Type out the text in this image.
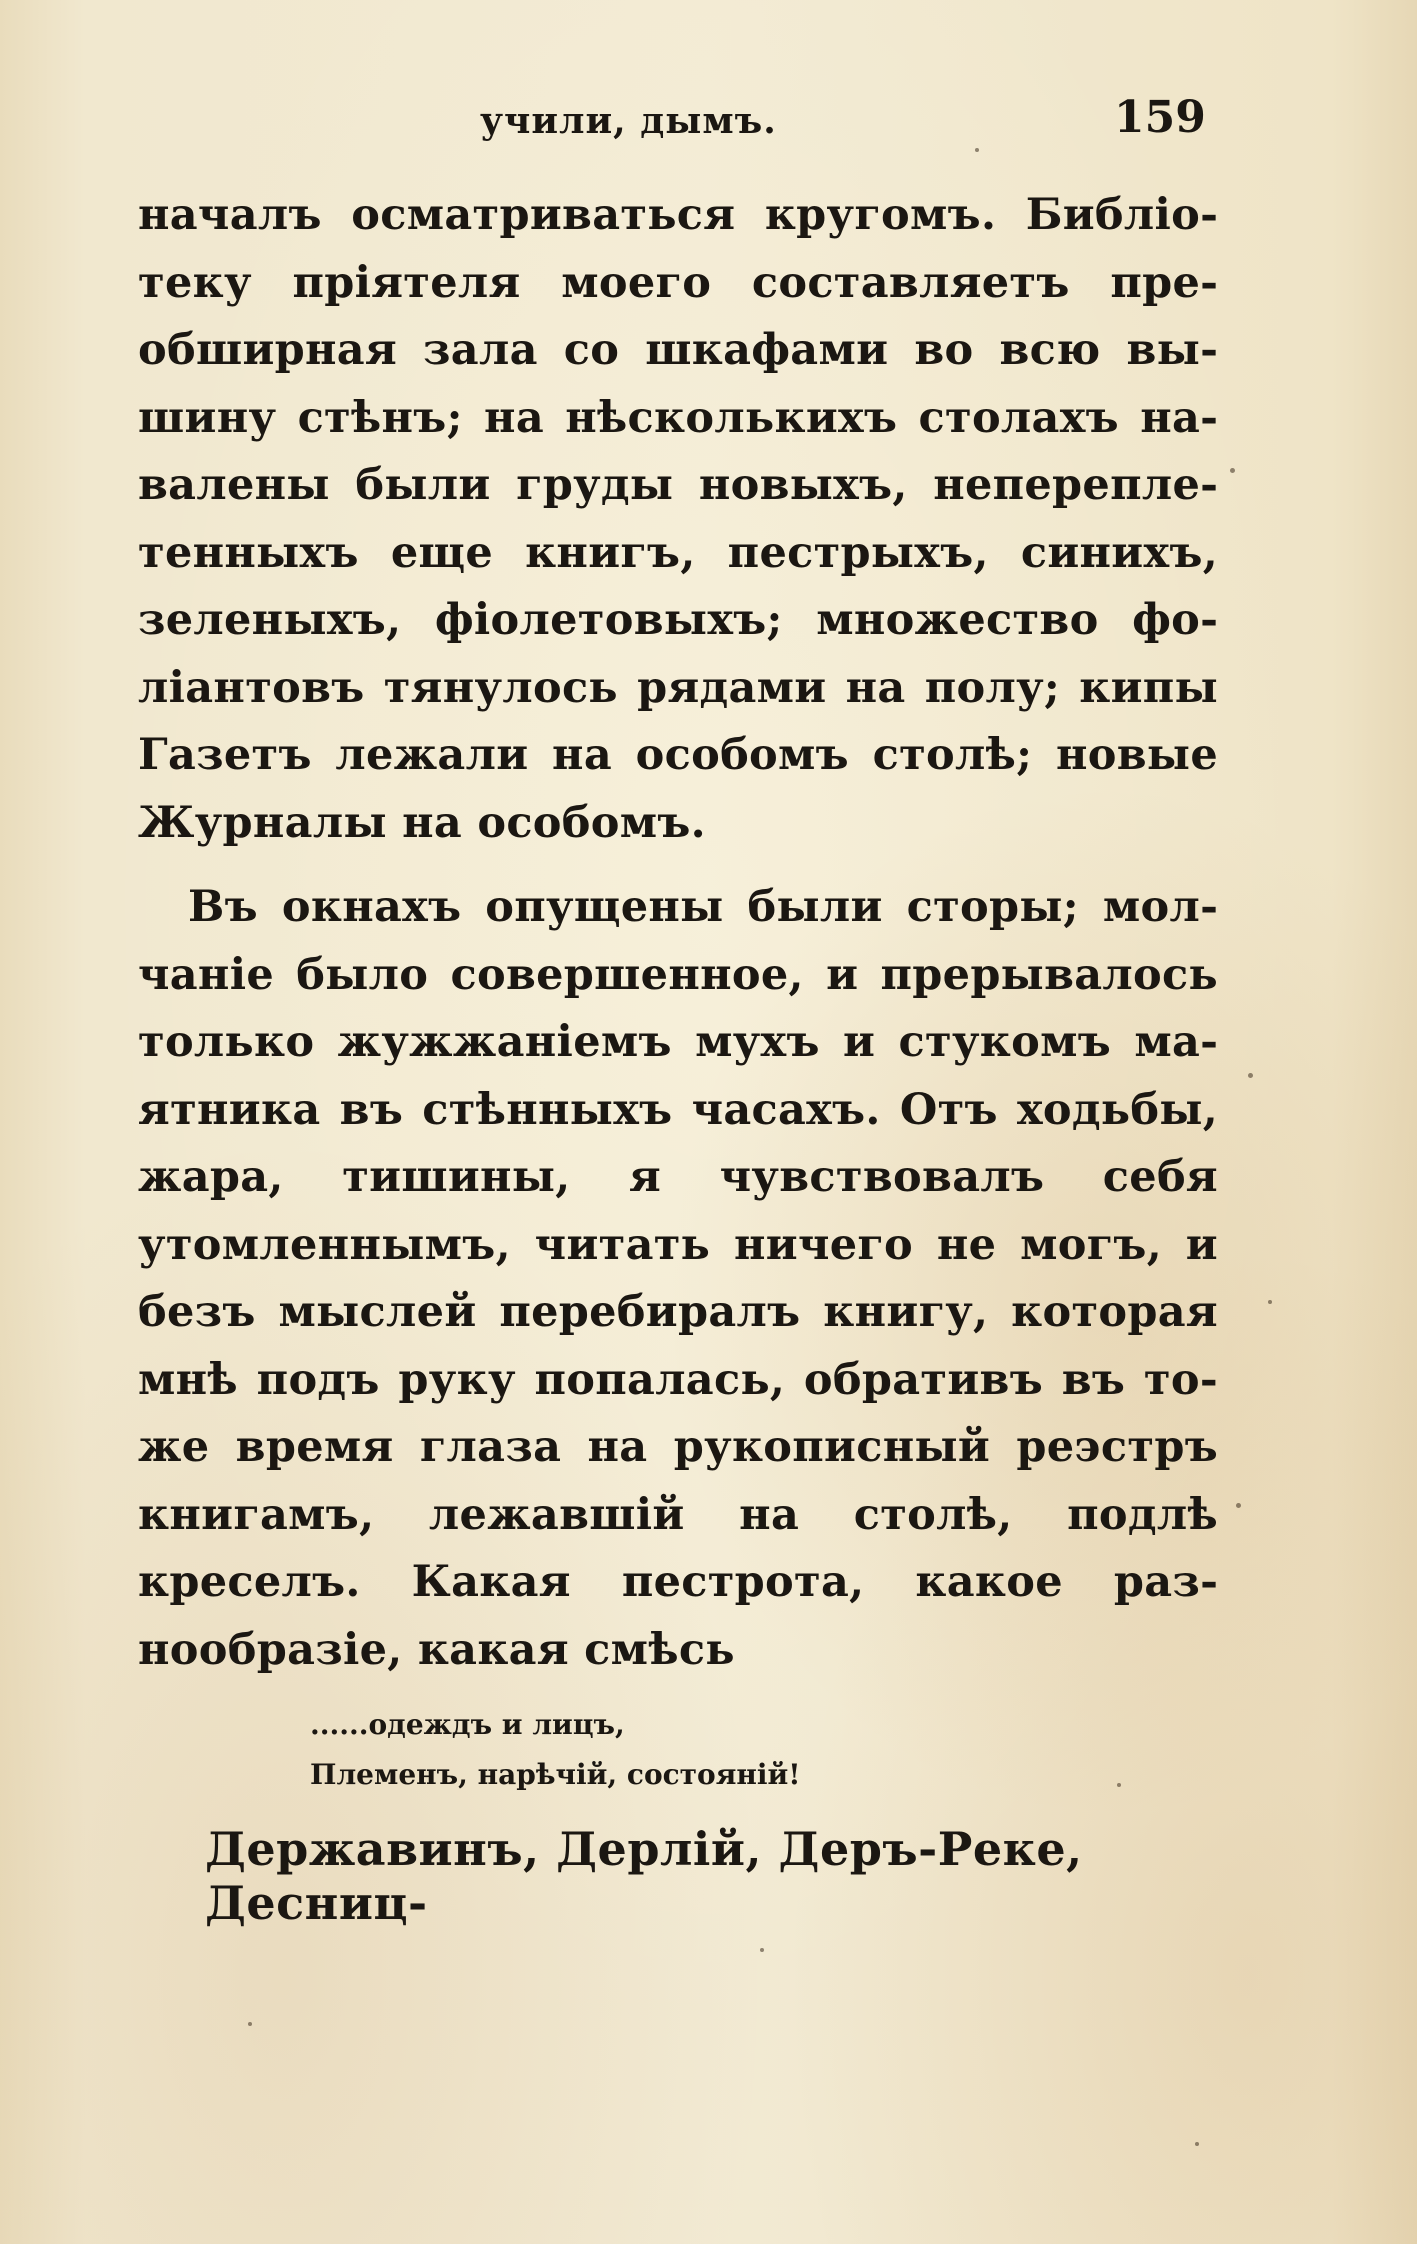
учили, дымъ.	159
началъ осматриваться кругомъ. Библіотеку пріятеля моего составляетъ преобширная зала со шкафами во всю вышину стѣнъ; на нѣсколькихъ столахъ навалены были груды новыхъ, непереплeтенныхъ еще книгъ, пестрыхъ, синихъ, зеленыхъ, фіолетовыхъ; множество фоліантовъ тянулось рядами на полу; кипы Газетъ лежали на особомъ столѣ; новые Журналы на особомъ.
Въ окнахъ опущены были сторы; молчаніе было совершенное, и прерывалось только жужжаніемъ мухъ и стукомъ маятника въ стѣнныхъ часахъ. Отъ ходьбы, жара, тишины, я чувствовалъ себя утомленнымъ, читать ничего не могъ, и безъ мыслей перебиралъ книгу, которая мнѣ подъ руку попалась, обративъ въ то-же время глаза на рукописный реэстръ книгамъ, лежавшій на столѣ, подлѣ креселъ. Какая пестрота, какое разнообразіе, какая смѣсь
......одеждъ и лицъ,
Племенъ, нарѣчій, состояній!
Державинъ, Дерлій, Деръ-Реке, Десниц-
